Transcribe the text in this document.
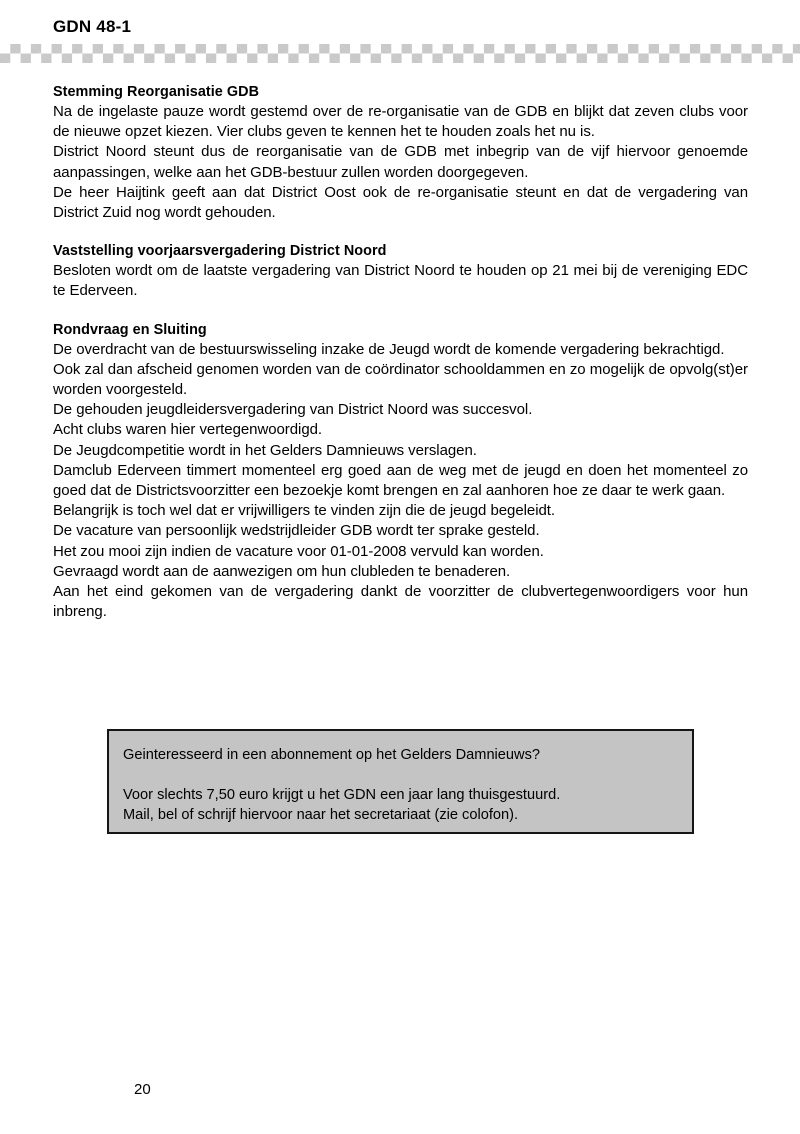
GDN 48-1
Stemming Reorganisatie GDB

Na de ingelaste pauze wordt gestemd over de re-organisatie van de GDB en blijkt dat zeven clubs voor de nieuwe opzet kiezen. Vier clubs geven te kennen het te houden zoals het nu is.

District Noord steunt dus de reorganisatie van de GDB met inbegrip van de vijf hiervoor genoemde aanpassingen, welke aan het GDB-bestuur zullen worden doorgegeven.

De heer Haijtink geeft aan dat District Oost ook de re-organisatie steunt en dat de vergadering van District Zuid nog wordt gehouden.

Vaststelling voorjaarsvergadering District Noord

Besloten wordt om de laatste vergadering van District Noord te houden op 21 mei bij de vereniging EDC te Ederveen.

Rondvraag en Sluiting

De overdracht van de bestuurswisseling inzake de Jeugd wordt de komende vergadering bekrachtigd.

Ook zal dan afscheid genomen worden van de coördinator schooldammen en zo mogelijk de opvolg(st)er worden voorgesteld.

De gehouden jeugdleidersvergadering van District Noord was succesvol.

Acht clubs waren hier vertegenwoordigd.

De Jeugdcompetitie wordt in het Gelders Damnieuws verslagen.

Damclub Ederveen timmert momenteel erg goed aan de weg met de jeugd en doen het momenteel zo goed dat de Districtsvoorzitter een bezoekje komt brengen en zal aanhoren hoe ze daar te werk gaan.

Belangrijk is toch wel dat er vrijwilligers te vinden zijn die de jeugd begeleidt.

De vacature van persoonlijk wedstrijdleider GDB wordt ter sprake gesteld.

Het zou mooi zijn indien de vacature voor 01-01-2008 vervuld kan worden.

Gevraagd wordt aan de aanwezigen om hun clubleden te benaderen.

Aan het eind gekomen van de vergadering dankt de voorzitter de clubvertegenwoordigers voor hun inbreng.

Geinteresseerd in een abonnement op het Gelders Damnieuws?

Voor slechts 7,50 euro krijgt u het GDN een jaar lang thuisgestuurd.

Mail, bel of schrijf hiervoor naar het secretariaat (zie colofon).

20
